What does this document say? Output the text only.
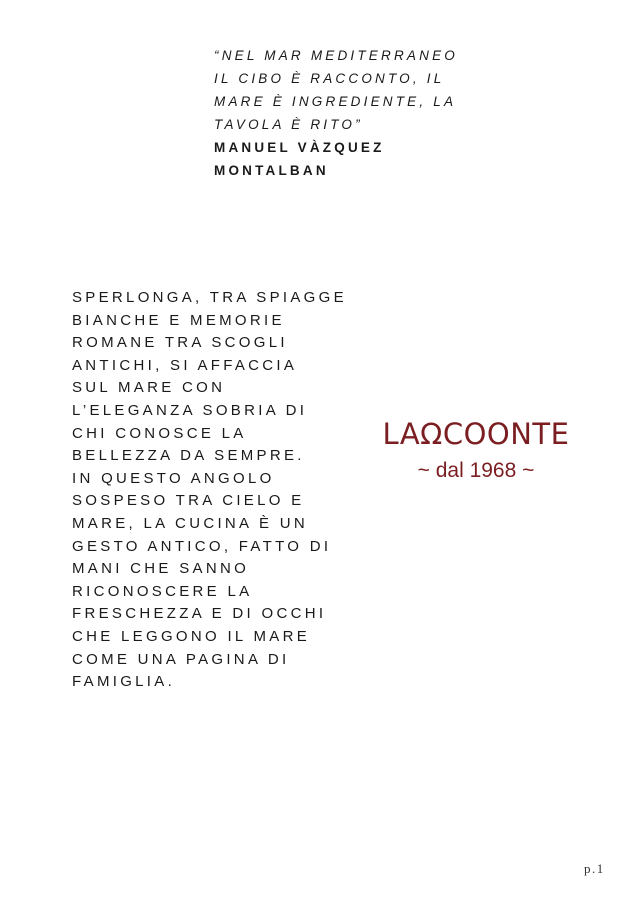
“NEL MAR MEDITERRANEO
IL CIBO È RACCONTO, IL
MARE È INGREDIENTE, LA
TAVOLA È RITO”
MANUEL VÀZQUEZ
MONTALBAN
SPERLONGA, TRA SPIAGGE
BIANCHE E MEMORIE
ROMANE TRA SCOGLI
ANTICHI, SI AFFACCIA
SUL MARE CON
L’ELEGANZA SOBRIA DI
CHI CONOSCE LA
BELLEZZA DA SEMPRE.
IN QUESTO ANGOLO
SOSPESO TRA CIELO E
MARE, LA CUCINA È UN
GESTO ANTICO, FATTO DI
MANI CHE SANNO
RICONOSCERE LA
FRESCHEZZA E DI OCCHI
CHE LEGGONO IL MARE
COME UNA PAGINA DI
FAMIGLIA.
LAΩCOONTE
~ dal 1968 ~
p.1
